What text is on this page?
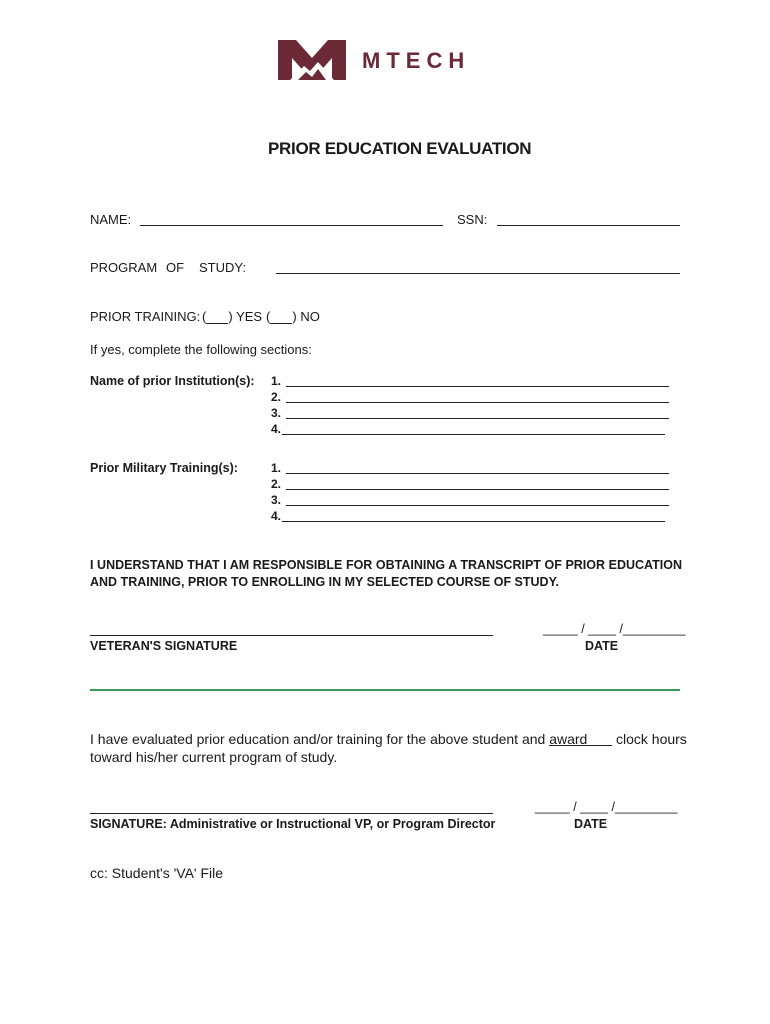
MTECH
PRIOR EDUCATION EVALUATION
NAME:	SSN:
PROGRAM OF STUDY:
PRIOR TRAINING: ( ) YES ( ) NO
If yes, complete the following sections:
Name of prior Institution(s): 1.
2.
3.
4.
Prior Military Training(s):	1.
2.
3.
4.
I UNDERSTAND THAT I AM RESPONSIBLE FOR OBTAINING A TRANSCRIPT OF PRIOR EDUCATION AND TRAINING, PRIOR TO ENROLLING IN MY SELECTED COURSE OF STUDY.
VETERAN'S SIGNATURE
_____ / ____ /_________
DATE
I have evaluated prior education and/or training for the above student and award clock hours
toward his/her current program of study.
SIGNATURE: Administrative or Instructional VP, or Program Director
_____ / ____ /_________
DATE
cc: Student's 'VA' File
